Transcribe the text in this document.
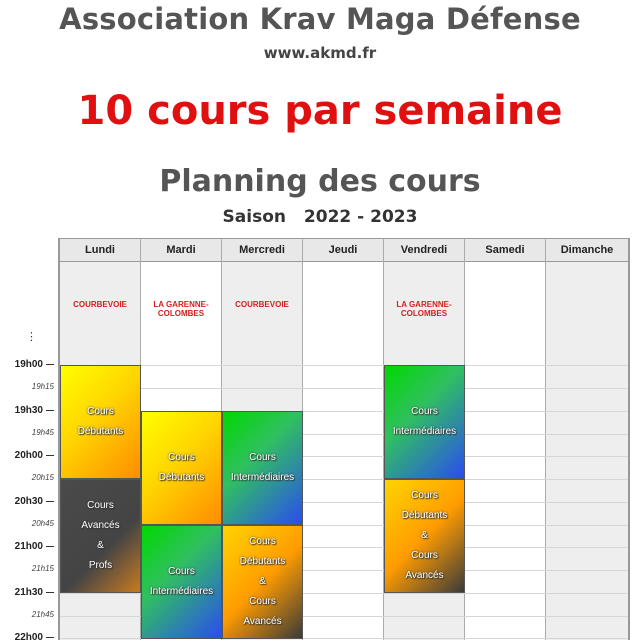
Association Krav Maga Défense
www.akmd.fr
10 cours par semaine
Planning des cours
Saison 2022 - 2023
⋮
19h00
19h15
19h30
19h45
20h00
20h15
20h30
20h45
21h00
21h15
21h30
21h45
22h00
Lundi
COURBEVOIE
Mardi
LA GARENNE-COLOMBES
Mercredi
COURBEVOIE
Jeudi	Vendredi
LA GARENNE-COLOMBES
Samedi	Dimanche
Cours
Débutants
Cours
Avancés
&
Profs
Cours
Débutants
Cours
Intermédiaires
Cours
Intermédiaires
Cours
Débutants
&
Cours
Avancés
Cours
Intermédiaires
Cours
Débutants
&
Cours
Avancés
